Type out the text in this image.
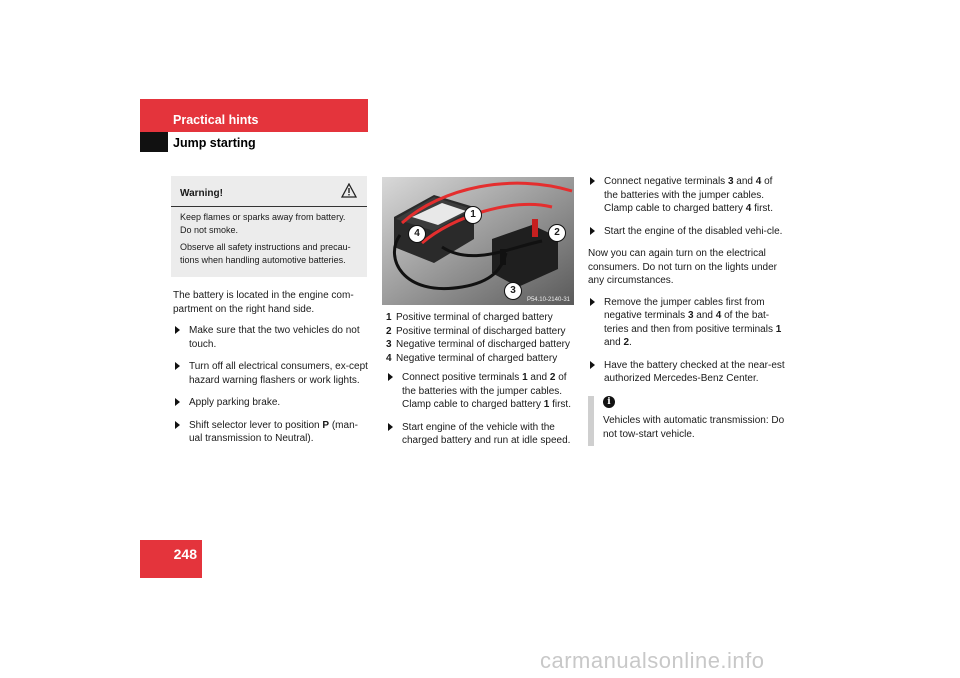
Practical hints
Jump starting
Warning!

Keep flames or sparks away from battery. Do not smoke.

Observe all safety instructions and precau-tions when handling automotive batteries.

The battery is located in the engine com-partment on the right hand side.

Make sure that the two vehicles do not touch.
Turn off all electrical consumers, ex-cept hazard warning flashers or work lights.
Apply parking brake.
Shift selector lever to position P (man-ual transmission to Neutral).
1
2
3
4
P54.10-2140-31
1 Positive terminal of charged battery
2 Positive terminal of discharged battery
3 Negative terminal of discharged battery
4 Negative terminal of charged battery
Connect positive terminals 1 and 2 of the batteries with the jumper cables. Clamp cable to charged battery 1 first.
Start engine of the vehicle with the charged battery and run at idle speed.
Connect negative terminals 3 and 4 of the batteries with the jumper cables. Clamp cable to charged battery 4 first.
Start the engine of the disabled vehi-cle.

Now you can again turn on the electrical consumers. Do not turn on the lights under any circumstances.

Remove the jumper cables first from negative terminals 3 and 4 of the bat-teries and then from positive terminals 1 and 2.
Have the battery checked at the near-est authorized Mercedes-Benz Center.
i
Vehicles with automatic transmission: Do not tow-start vehicle.
248
carmanualsonline.info
